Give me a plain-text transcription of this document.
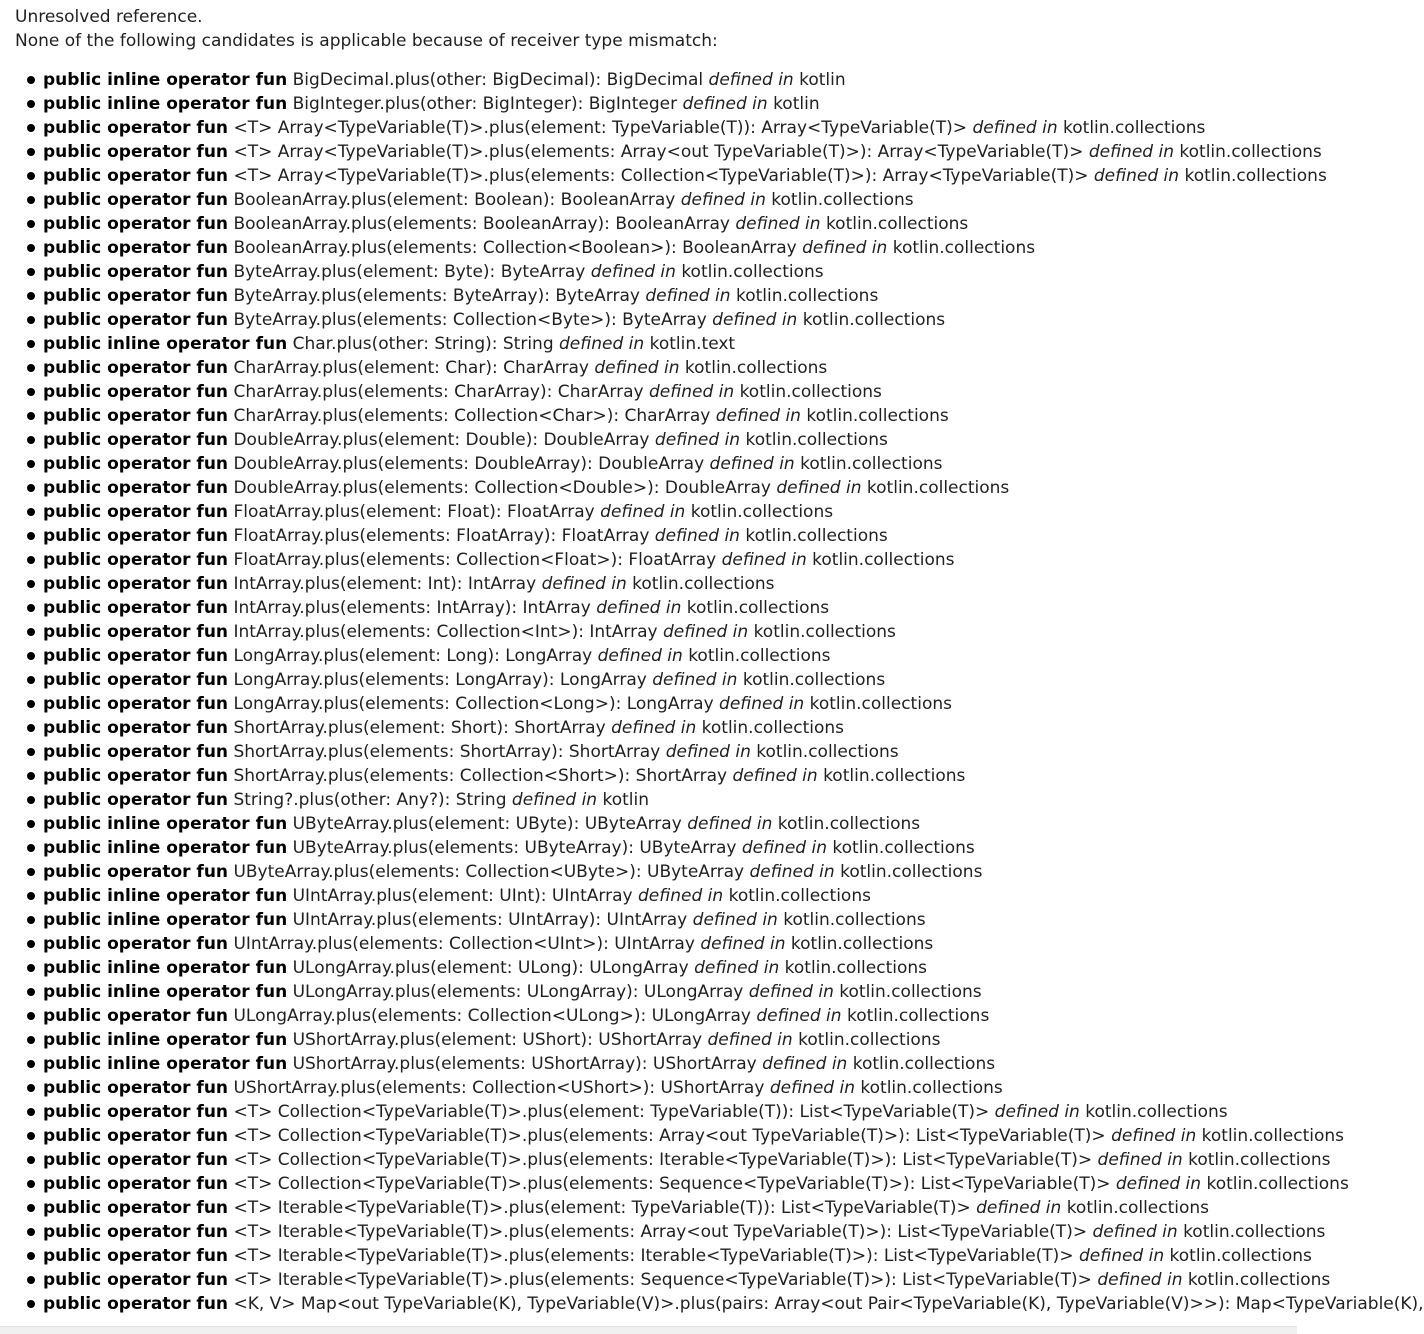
Unresolved reference.
None of the following candidates is applicable because of receiver type mismatch:
public inline operator fun BigDecimal.plus(other: BigDecimal): BigDecimal defined in kotlin
public inline operator fun BigInteger.plus(other: BigInteger): BigInteger defined in kotlin
public operator fun <T> Array<TypeVariable(T)>.plus(element: TypeVariable(T)): Array<TypeVariable(T)> defined in kotlin.collections
public operator fun <T> Array<TypeVariable(T)>.plus(elements: Array<out TypeVariable(T)>): Array<TypeVariable(T)> defined in kotlin.collections
public operator fun <T> Array<TypeVariable(T)>.plus(elements: Collection<TypeVariable(T)>): Array<TypeVariable(T)> defined in kotlin.collections
public operator fun BooleanArray.plus(element: Boolean): BooleanArray defined in kotlin.collections
public operator fun BooleanArray.plus(elements: BooleanArray): BooleanArray defined in kotlin.collections
public operator fun BooleanArray.plus(elements: Collection<Boolean>): BooleanArray defined in kotlin.collections
public operator fun ByteArray.plus(element: Byte): ByteArray defined in kotlin.collections
public operator fun ByteArray.plus(elements: ByteArray): ByteArray defined in kotlin.collections
public operator fun ByteArray.plus(elements: Collection<Byte>): ByteArray defined in kotlin.collections
public inline operator fun Char.plus(other: String): String defined in kotlin.text
public operator fun CharArray.plus(element: Char): CharArray defined in kotlin.collections
public operator fun CharArray.plus(elements: CharArray): CharArray defined in kotlin.collections
public operator fun CharArray.plus(elements: Collection<Char>): CharArray defined in kotlin.collections
public operator fun DoubleArray.plus(element: Double): DoubleArray defined in kotlin.collections
public operator fun DoubleArray.plus(elements: DoubleArray): DoubleArray defined in kotlin.collections
public operator fun DoubleArray.plus(elements: Collection<Double>): DoubleArray defined in kotlin.collections
public operator fun FloatArray.plus(element: Float): FloatArray defined in kotlin.collections
public operator fun FloatArray.plus(elements: FloatArray): FloatArray defined in kotlin.collections
public operator fun FloatArray.plus(elements: Collection<Float>): FloatArray defined in kotlin.collections
public operator fun IntArray.plus(element: Int): IntArray defined in kotlin.collections
public operator fun IntArray.plus(elements: IntArray): IntArray defined in kotlin.collections
public operator fun IntArray.plus(elements: Collection<Int>): IntArray defined in kotlin.collections
public operator fun LongArray.plus(element: Long): LongArray defined in kotlin.collections
public operator fun LongArray.plus(elements: LongArray): LongArray defined in kotlin.collections
public operator fun LongArray.plus(elements: Collection<Long>): LongArray defined in kotlin.collections
public operator fun ShortArray.plus(element: Short): ShortArray defined in kotlin.collections
public operator fun ShortArray.plus(elements: ShortArray): ShortArray defined in kotlin.collections
public operator fun ShortArray.plus(elements: Collection<Short>): ShortArray defined in kotlin.collections
public operator fun String?.plus(other: Any?): String defined in kotlin
public inline operator fun UByteArray.plus(element: UByte): UByteArray defined in kotlin.collections
public inline operator fun UByteArray.plus(elements: UByteArray): UByteArray defined in kotlin.collections
public operator fun UByteArray.plus(elements: Collection<UByte>): UByteArray defined in kotlin.collections
public inline operator fun UIntArray.plus(element: UInt): UIntArray defined in kotlin.collections
public inline operator fun UIntArray.plus(elements: UIntArray): UIntArray defined in kotlin.collections
public operator fun UIntArray.plus(elements: Collection<UInt>): UIntArray defined in kotlin.collections
public inline operator fun ULongArray.plus(element: ULong): ULongArray defined in kotlin.collections
public inline operator fun ULongArray.plus(elements: ULongArray): ULongArray defined in kotlin.collections
public operator fun ULongArray.plus(elements: Collection<ULong>): ULongArray defined in kotlin.collections
public inline operator fun UShortArray.plus(element: UShort): UShortArray defined in kotlin.collections
public inline operator fun UShortArray.plus(elements: UShortArray): UShortArray defined in kotlin.collections
public operator fun UShortArray.plus(elements: Collection<UShort>): UShortArray defined in kotlin.collections
public operator fun <T> Collection<TypeVariable(T)>.plus(element: TypeVariable(T)): List<TypeVariable(T)> defined in kotlin.collections
public operator fun <T> Collection<TypeVariable(T)>.plus(elements: Array<out TypeVariable(T)>): List<TypeVariable(T)> defined in kotlin.collections
public operator fun <T> Collection<TypeVariable(T)>.plus(elements: Iterable<TypeVariable(T)>): List<TypeVariable(T)> defined in kotlin.collections
public operator fun <T> Collection<TypeVariable(T)>.plus(elements: Sequence<TypeVariable(T)>): List<TypeVariable(T)> defined in kotlin.collections
public operator fun <T> Iterable<TypeVariable(T)>.plus(element: TypeVariable(T)): List<TypeVariable(T)> defined in kotlin.collections
public operator fun <T> Iterable<TypeVariable(T)>.plus(elements: Array<out TypeVariable(T)>): List<TypeVariable(T)> defined in kotlin.collections
public operator fun <T> Iterable<TypeVariable(T)>.plus(elements: Iterable<TypeVariable(T)>): List<TypeVariable(T)> defined in kotlin.collections
public operator fun <T> Iterable<TypeVariable(T)>.plus(elements: Sequence<TypeVariable(T)>): List<TypeVariable(T)> defined in kotlin.collections
public operator fun <K, V> Map<out TypeVariable(K), TypeVariable(V)>.plus(pairs: Array<out Pair<TypeVariable(K), TypeVariable(V)>>): Map<TypeVariable(K),
